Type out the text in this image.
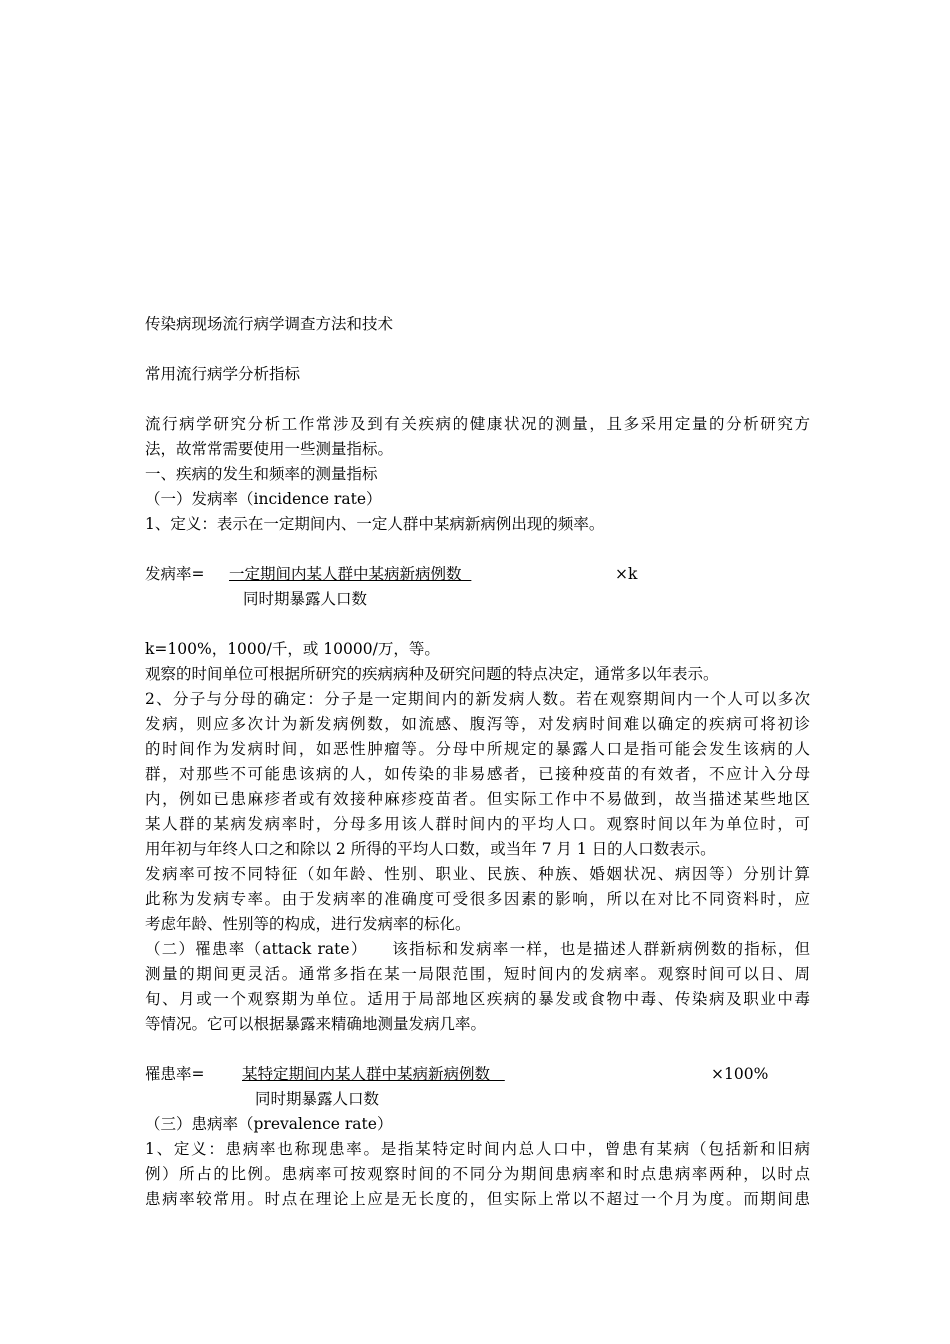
传染病现场流行病学调查方法和技术
常用流行病学分析指标
流行病学研究分析工作常涉及到有关疾病的健康状况的测量，且多采用定量的分析研究方
法，故常常需要使用一些测量指标。
一、疾病的发生和频率的测量指标
（一）发病率（incidence rate）
1、定义：表示在一定期间内、一定人群中某病新病例出现的频率。
发病率= 一定期间内某人群中某病新病例数
同时期暴露人口数
×k
k=100%，1000/千，或 10000/万，等。
观察的时间单位可根据所研究的疾病病种及研究问题的特点决定，通常多以年表示。
2、分子与分母的确定：分子是一定期间内的新发病人数。若在观察期间内一个人可以多次
发病，则应多次计为新发病例数，如流感、腹泻等，对发病时间难以确定的疾病可将初诊
的时间作为发病时间，如恶性肿瘤等。分母中所规定的暴露人口是指可能会发生该病的人
群，对那些不可能患该病的人，如传染的非易感者，已接种疫苗的有效者，不应计入分母
内，例如已患麻疹者或有效接种麻疹疫苗者。但实际工作中不易做到，故当描述某些地区
某人群的某病发病率时，分母多用该人群时间内的平均人口。观察时间以年为单位时，可
用年初与年终人口之和除以 2 所得的平均人口数，或当年 7 月 1 日的人口数表示。
发病率可按不同特征（如年龄、性别、职业、民族、种族、婚姻状况、病因等）分别计算
此称为发病专率。由于发病率的准确度可受很多因素的影响，所以在对比不同资料时，应
考虑年龄、性别等的构成，进行发病率的标化。
（二）罹患率（attack rate）    该指标和发病率一样，也是描述人群新病例数的指标，但
测量的期间更灵活。通常多指在某一局限范围，短时间内的发病率。观察时间可以日、周
旬、月或一个观察期为单位。适用于局部地区疾病的暴发或食物中毒、传染病及职业中毒
等情况。它可以根据暴露来精确地测量发病几率。
罹患率= 某特定期间内某人群中某病新病例数
同时期暴露人口数
×100%
（三）患病率（prevalence rate）
1、定义：患病率也称现患率。是指某特定时间内总人口中，曾患有某病（包括新和旧病
例）所占的比例。患病率可按观察时间的不同分为期间患病率和时点患病率两种，以时点
患病率较常用。时点在理论上应是无长度的，但实际上常以不超过一个月为度。而期间患
